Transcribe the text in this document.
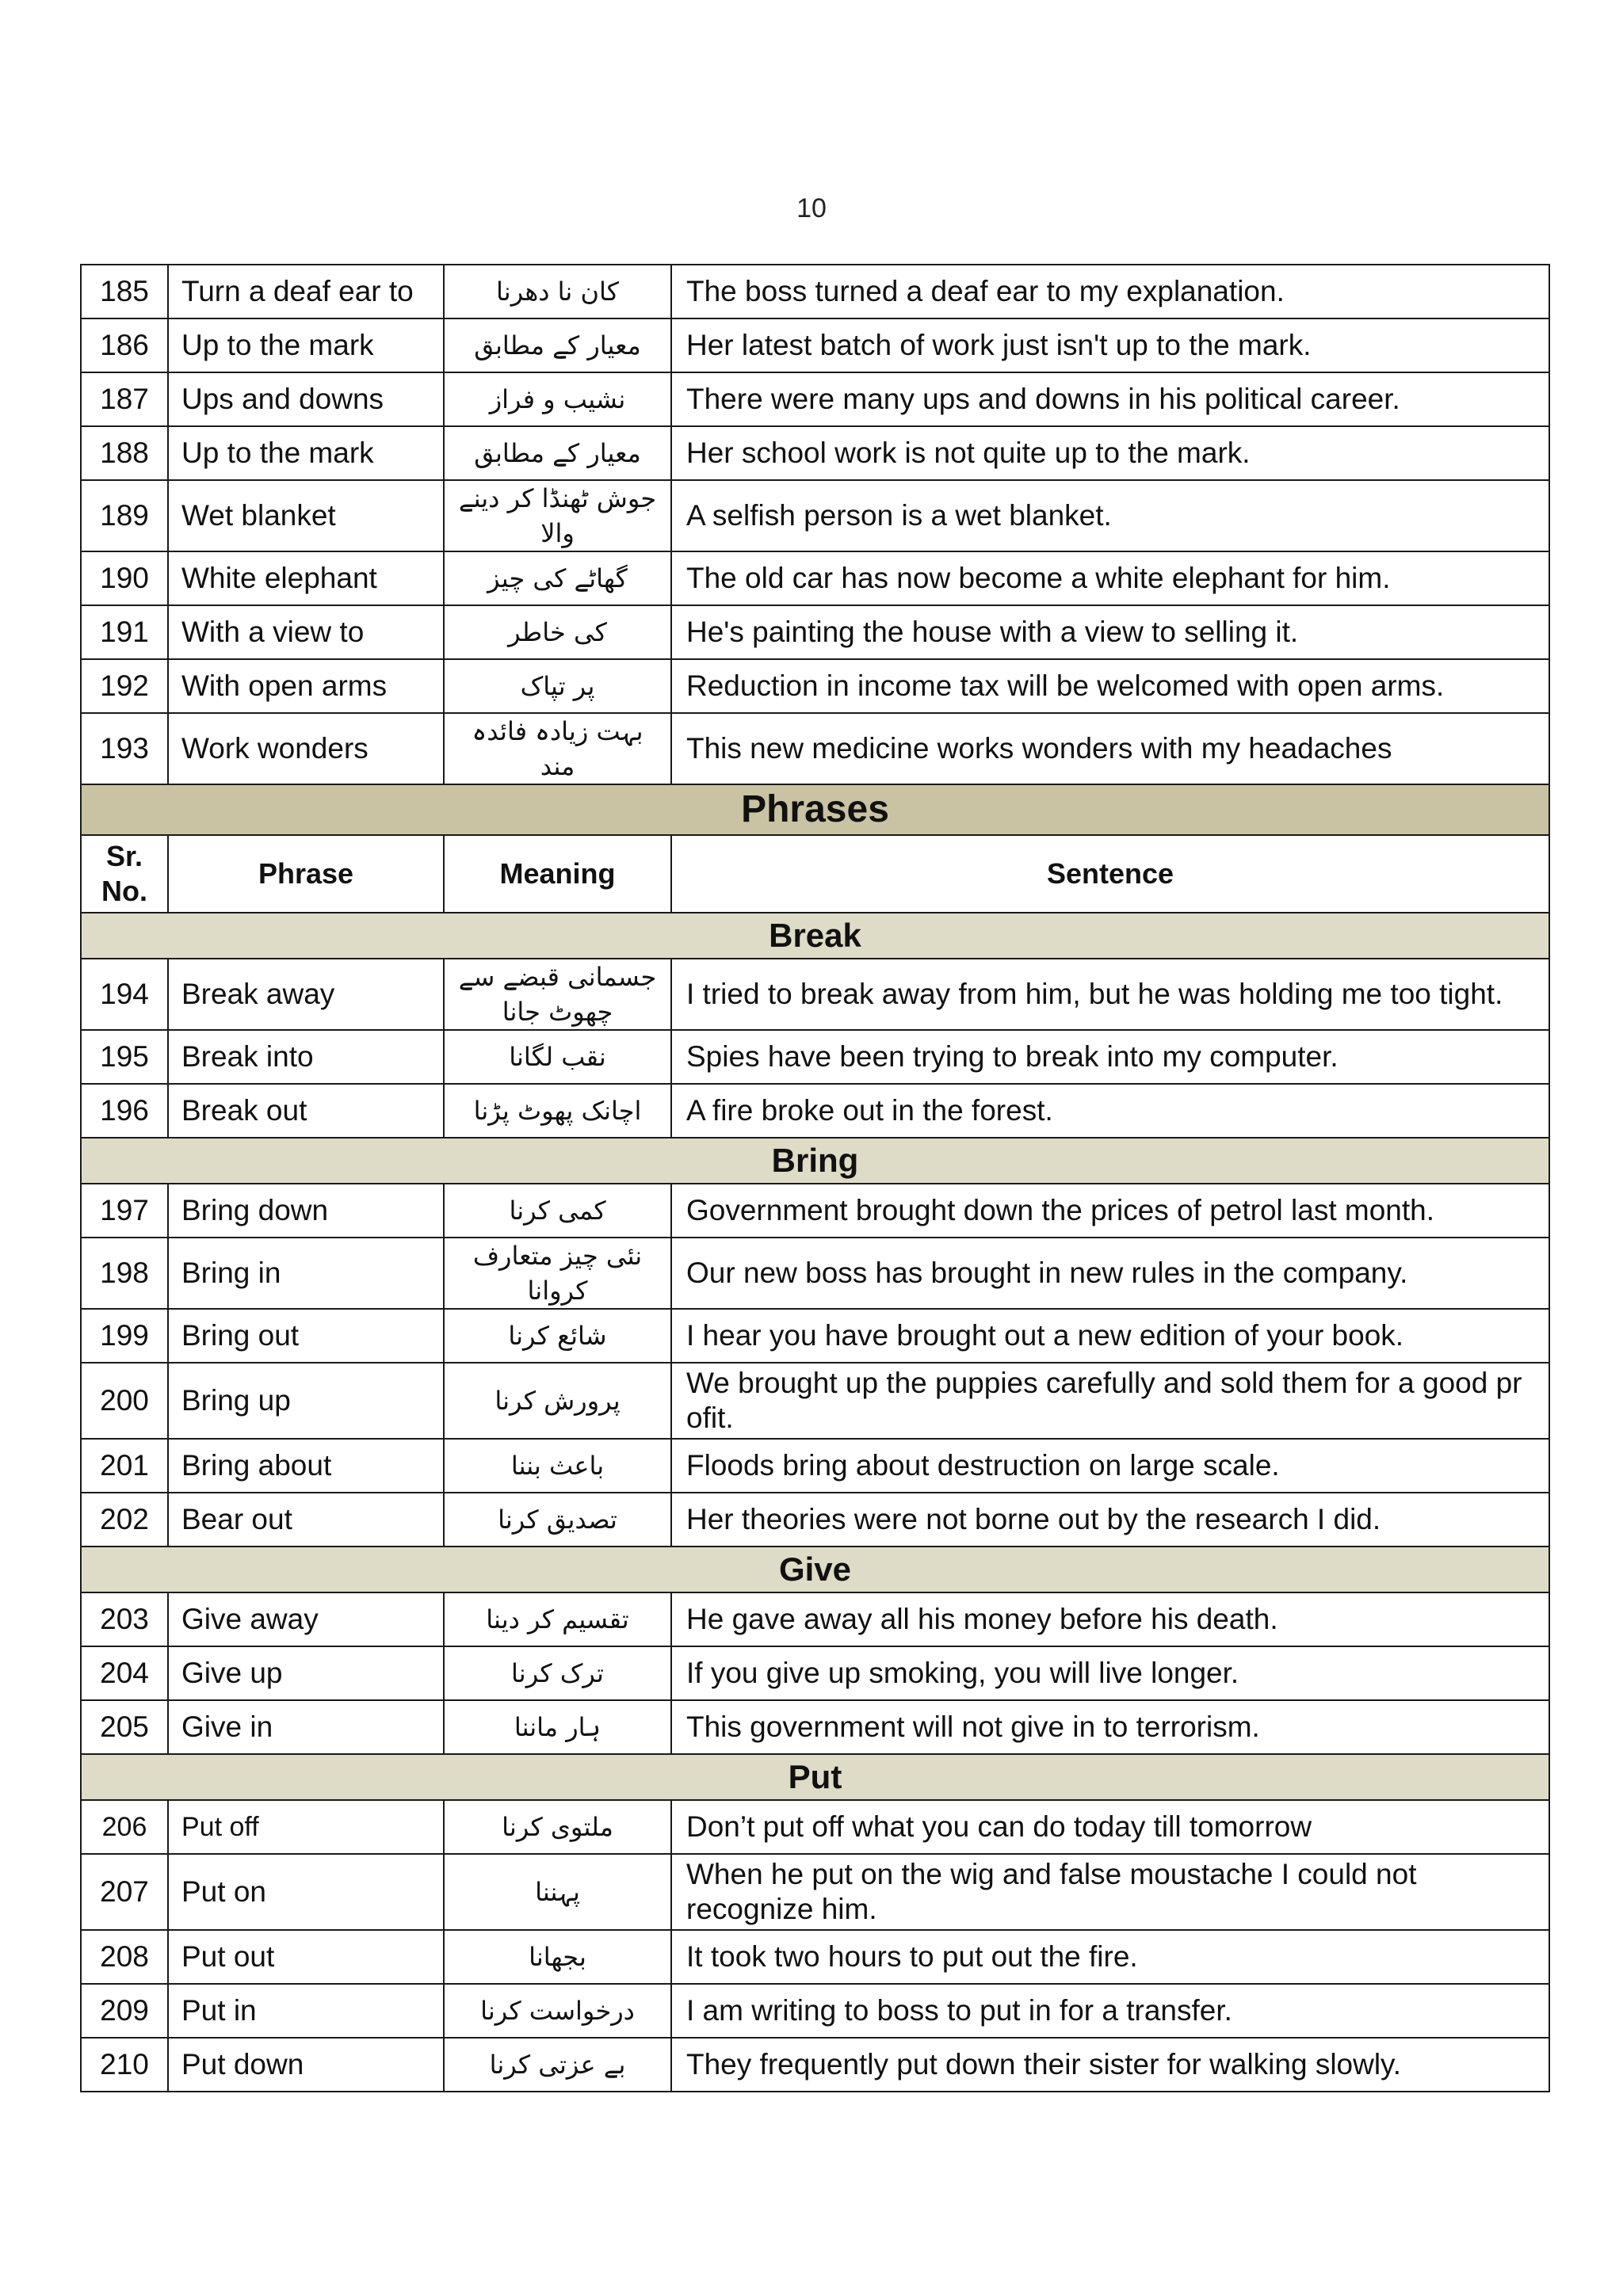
10
185	Turn a deaf ear to	کان نا دھرنا	The boss turned a deaf ear to my explanation.
186	Up to the mark	معیار کے مطابق	Her latest batch of work just isn't up to the mark.
187	Ups and downs	نشیب و فراز	There were many ups and downs in his political career.
188	Up to the mark	معیار کے مطابق	Her school work is not quite up to the mark.
189	Wet blanket	جوش ٹھنڈا کر دینے والا	A selfish person is a wet blanket.
190	White elephant	گھاٹے کی چیز	The old car has now become a white elephant for him.
191	With a view to	کی خاطر	He's painting the house with a view to selling it.
192	With open arms	پر تپاک	Reduction in income tax will be welcomed with open arms.
193	Work wonders	بہت زیادہ فائدہ مند	This new medicine works wonders with my headaches
Phrases			
Sr.
No.	Phrase	Meaning	Sentence
Break			
194	Break away	جسمانی قبضے سے چھوٹ جانا	I tried to break away from him, but he was holding me too tight.
195	Break into	نقب لگانا	Spies have been trying to break into my computer.
196	Break out	اچانک پھوٹ پڑنا	A fire broke out in the forest.
Bring			
197	Bring down	کمی کرنا	Government brought down the prices of petrol last month.
198	Bring in	نئی چیز متعارف کروانا	Our new boss has brought in new rules in the company.
199	Bring out	شائع کرنا	I hear you have brought out a new edition of your book.
200	Bring up	پرورش کرنا	We brought up the puppies carefully and sold them for a good pr
ofit.
201	Bring about	باعث بننا	Floods bring about destruction on large scale.
202	Bear out	تصدیق کرنا	Her theories were not borne out by the research I did.
Give			
203	Give away	تقسیم کر دینا	He gave away all his money before his death.
204	Give up	ترک کرنا	If you give up smoking, you will live longer.
205	Give in	ہار ماننا	This government will not give in to terrorism.
Put			
206	Put off	ملتوی کرنا	Don’t put off what you can do today till tomorrow
207	Put on	پہننا	When he put on the wig and false moustache I could not
recognize him.
208	Put out	بجھانا	It took two hours to put out the fire.
209	Put in	درخواست کرنا	I am writing to boss to put in for a transfer.
210	Put down	بے عزتی کرنا	They frequently put down their sister for walking slowly.
